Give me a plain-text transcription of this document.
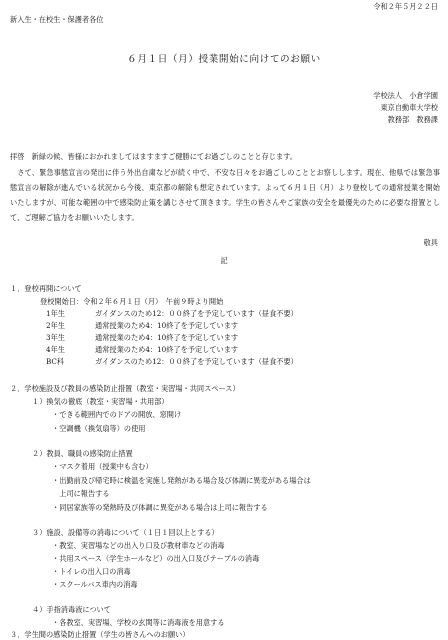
令和２年５月２２日
新入生・在校生・保護者各位
６月１日（月）授業開始に向けてのお願い
学校法人　小倉学園
東京自動車大学校
教務部　教務課
拝啓　新緑の候、皆様におかれましてはますますご健勝にてお過ごしのことと存じます。
　さて、緊急事態宣言の発出に伴う外出自粛などが続く中で、不安な日々をお過ごしのこととお察しします。現在、他県では緊急事態宣言の解除が進んでいる状況から今後、東京都の解除も想定されています。よって６月１日（月）より登校しての通常授業を開始いたしますが、可能な範囲の中で感染防止策を講じさせて頂きます。学生の皆さんやご家族の安全を最優先のために必要な措置として、ご理解ご協力をお願いいたします。
敬具
記
１．登校再開について
登校開始日：令和２年６月１日（月）　午前９時より開始
1年生	ガイダンスのため12：００終了を予定しています（昼食不要）
2年生	通常授業のため4：10終了を予定しています
3年生	通常授業のため4：10終了を予定しています
4年生	通常授業のため4：10終了を予定しています
BC科	ガイダンスのため12：００終了を予定しています（昼食不要）
２．学校施設及び教員の感染防止措置（教室・実習場・共同スペース）
１）換気の徹底（教室・実習場・共用部）
・できる範囲内でのドアの開放、窓開け
・空調機（換気扇等）の使用
２）教員、職員の感染防止措置
・マスク着用（授業中も含む）
・出勤前及び帰宅時に検温を実施し発熱がある場合及び体調に異変がある場合は
　上司に報告する
・同居家族等の発熱時及び体調に異変がある場合は上司に報告する
３）施設、設備等の消毒について（１日１回以上とする）
・教室、実習場などの出入り口及び教材車などの消毒
・共用スペース（学生ホールなど）の出入口及びテーブルの消毒
・トイレの出入口の消毒
・スクールバス車内の消毒
４）手指消毒液について
・各教室、実習場、学校の玄関等に消毒液を用意する
３．学生間の感染防止措置（学生の皆さんへのお願い）
